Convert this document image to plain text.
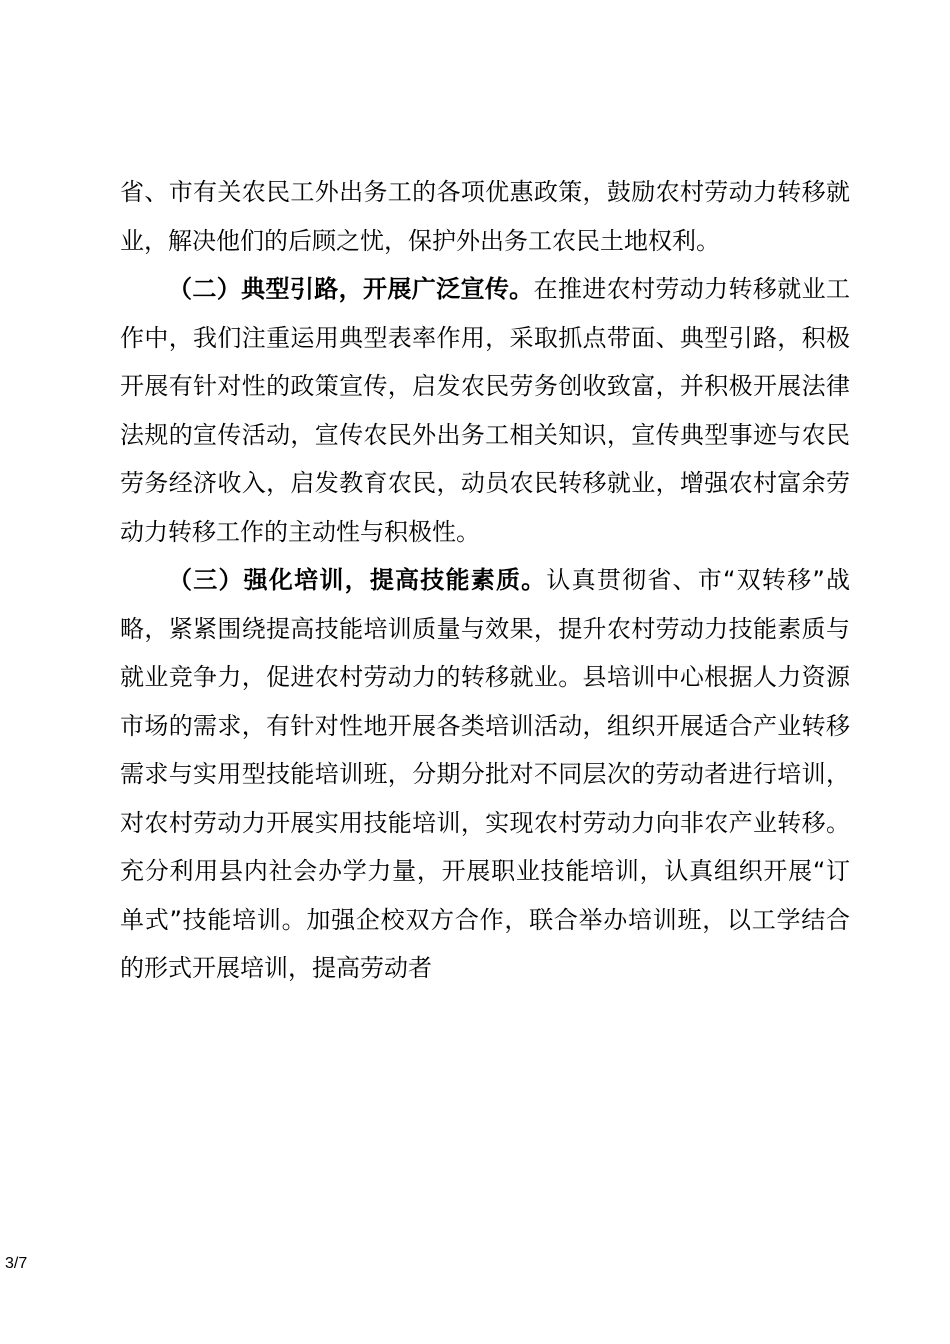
省、市有关农民工外出务工的各项优惠政策，鼓励农村劳动力转移就业，解决他们的后顾之忧，保护外出务工农民土地权利。

（二）典型引路，开展广泛宣传。在推进农村劳动力转移就业工作中，我们注重运用典型表率作用，采取抓点带面、典型引路，积极开展有针对性的政策宣传，启发农民劳务创收致富，并积极开展法律法规的宣传活动，宣传农民外出务工相关知识，宣传典型事迹与农民劳务经济收入，启发教育农民，动员农民转移就业，增强农村富余劳动力转移工作的主动性与积极性。

（三）强化培训，提高技能素质。认真贯彻省、市“双转移”战略，紧紧围绕提高技能培训质量与效果，提升农村劳动力技能素质与就业竞争力，促进农村劳动力的转移就业。县培训中心根据人力资源市场的需求，有针对性地开展各类培训活动，组织开展适合产业转移需求与实用型技能培训班，分期分批对不同层次的劳动者进行培训，对农村劳动力开展实用技能培训，实现农村劳动力向非农产业转移。充分利用县内社会办学力量，开展职业技能培训，认真组织开展“订单式”技能培训。加强企校双方合作，联合举办培训班，以工学结合的形式开展培训，提高劳动者

3/7
